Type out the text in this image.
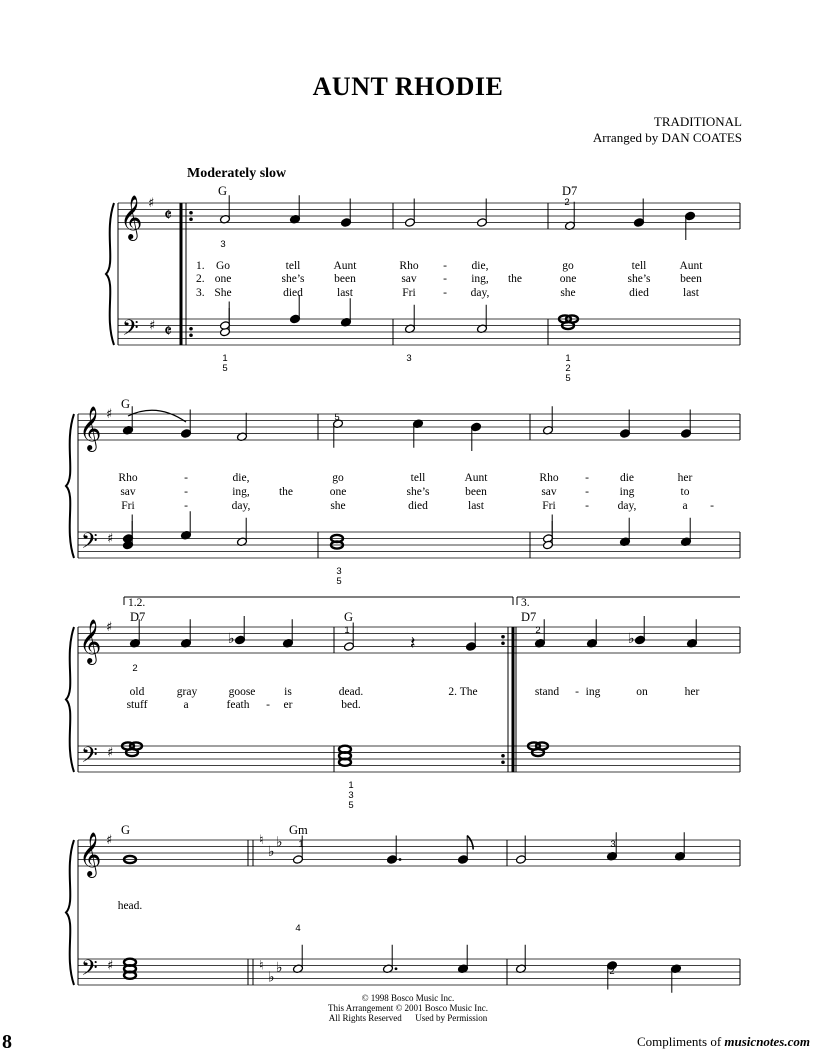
AUNT RHODIE
TRADITIONAL
Arranged by DAN COATES
Moderately slow
𝄞
𝄢
♯
♯
𝄵
𝄵
𝄞
𝄢
♯
♯
𝄞
𝄢
♯
♯
♭	𝄽	♭
𝄞
𝄢
♯
♯
♮
♭
♭
♮
♭
♭
G	D7
G
D7	G	D7
G	Gm
1.2.	3.
1.
2.
3.
Go	tell	Aunt	Rho - die,	go	tell	Aunt
one	she’s	been	sav - ing, the	one	she’s	been
She	died	last	Fri - day,	she	died	last
Rho	-	die,	go	tell	Aunt	Rho -	die	her
sav	-	ing,	the	one	she’s	been	sav -	ing	to
Fri	-	day,	she	died	last	Fri	- day,	a -
old	gray	goose is	dead.	2. The	stand - ing	on	her
stuff	a	feath - er	bed.
head.
3
2
1
5
3	1
2
5
5
3
5
2
1	2
1
3
5
3
1
4
2
© 1998 Bosco Music Inc.
This Arrangement © 2001 Bosco Music Inc.
All Rights Reserved      Used by Permission
Compliments of musicnotes.com
8
